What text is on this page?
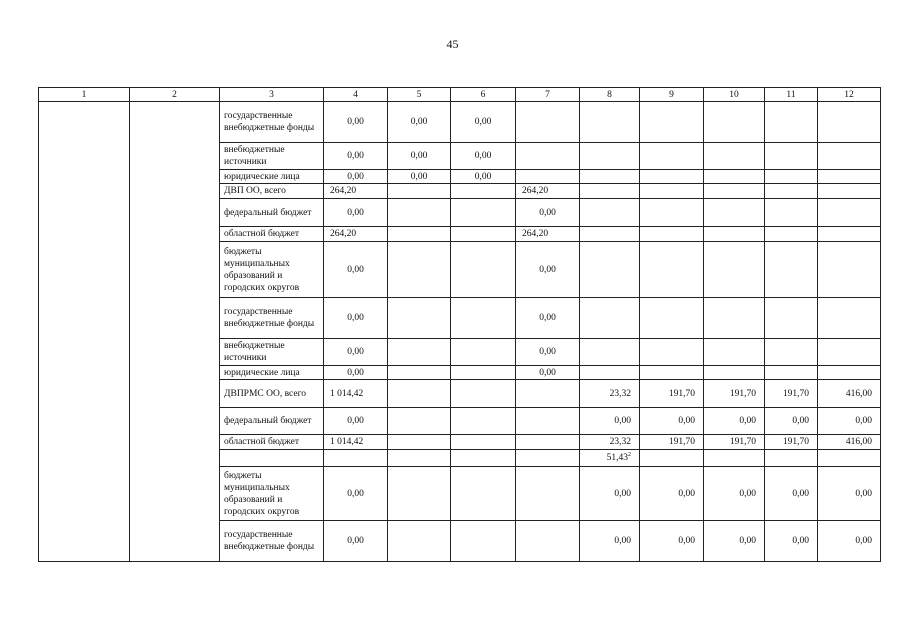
45
1	2	3	4	5	6	7	8	9	10	11	12
		государственные внебюджетные фонды	0,00	0,00	0,00						
		внебюджетные источники	0,00	0,00	0,00						
		юридические лица	0,00	0,00	0,00						
		ДВП ОО, всего	264,20			264,20					
		федеральный бюджет	0,00			0,00					
		областной бюджет	264,20			264,20					
		бюджеты муниципальных образований и городских округов	0,00			0,00					
		государственные внебюджетные фонды	0,00			0,00					
		внебюджетные источники	0,00			0,00					
		юридические лица	0,00			0,00					
		ДВПРМС ОО, всего	1 014,42				23,32	191,70	191,70	191,70	416,00
		федеральный бюджет	0,00				0,00	0,00	0,00	0,00	0,00
		областной бюджет	1 014,42				23,32	191,70	191,70	191,70	416,00
							51,43$^2$				
		бюджеты муниципальных образований и городских округов	0,00				0,00	0,00	0,00	0,00	0,00
		государственные внебюджетные фонды	0,00				0,00	0,00	0,00	0,00	0,00
